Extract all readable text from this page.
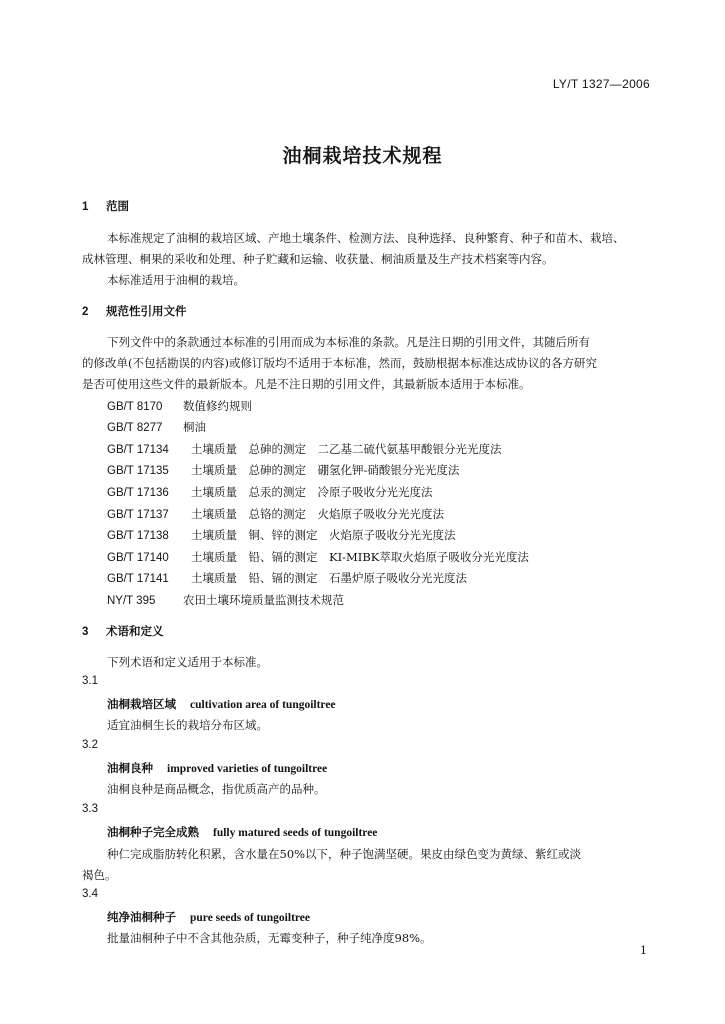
LY/T 1327—2006
油桐栽培技术规程
1 范围
本标准规定了油桐的栽培区域、产地土壤条件、检测方法、良种选择、良种繁育、种子和苗木、栽培、
成林管理、桐果的采收和处理、种子贮藏和运输、收获量、桐油质量及生产技术档案等内容。
本标准适用于油桐的栽培。
2 规范性引用文件
下列文件中的条款通过本标准的引用而成为本标准的条款。凡是注日期的引用文件，其随后所有
的修改单(不包括勘误的内容)或修订版均不适用于本标准，然而，鼓励根据本标准达成协议的各方研究
是否可使用这些文件的最新版本。凡是不注日期的引用文件，其最新版本适用于本标准。
GB/T 8170 数值修约规则
GB/T 8277 桐油
GB/T 17134 土壤质量　总砷的测定　二乙基二硫代氨基甲酸银分光光度法
GB/T 17135 土壤质量　总砷的测定　硼氢化钾-硝酸银分光光度法
GB/T 17136 土壤质量　总汞的测定　冷原子吸收分光光度法
GB/T 17137 土壤质量　总铬的测定　火焰原子吸收分光光度法
GB/T 17138 土壤质量　铜、锌的测定　火焰原子吸收分光光度法
GB/T 17140 土壤质量　铅、镉的测定　KI-MIBK萃取火焰原子吸收分光光度法
GB/T 17141 土壤质量　铅、镉的测定　石墨炉原子吸收分光光度法
NY/T 395 农田土壤环境质量监测技术规范
3 术语和定义
下列术语和定义适用于本标准。
3.1
油桐栽培区域 cultivation area of tungoiltree
适宜油桐生长的栽培分布区域。
3.2
油桐良种 improved varieties of tungoiltree
油桐良种是商品概念，指优质高产的品种。
3.3
油桐种子完全成熟 fully matured seeds of tungoiltree
种仁完成脂肪转化积累，含水量在50%以下，种子饱满坚硬。果皮由绿色变为黄绿、紫红或淡
褐色。
3.4
纯净油桐种子 pure seeds of tungoiltree
批量油桐种子中不含其他杂质，无霉变种子，种子纯净度98%。
1
